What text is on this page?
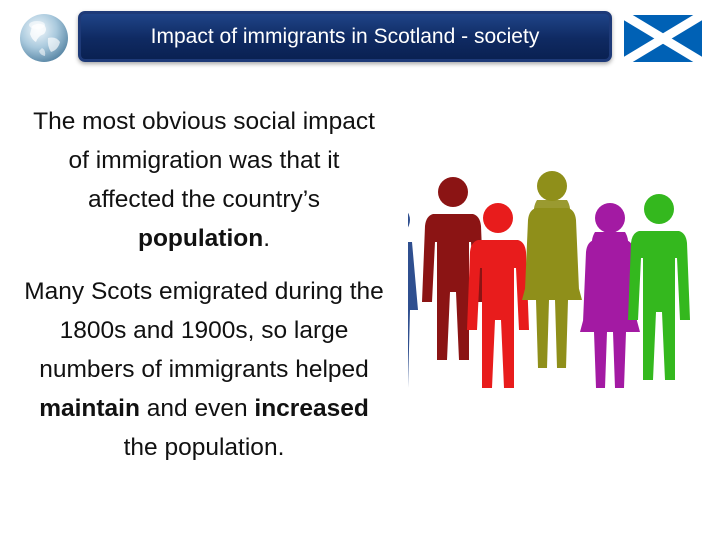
Impact of immigrants in Scotland - society

The most obvious social impact of immigration was that it affected the country’s population.

Many Scots emigrated during the 1800s and 1900s, so large numbers of immigrants helped maintain and even increased the population.
